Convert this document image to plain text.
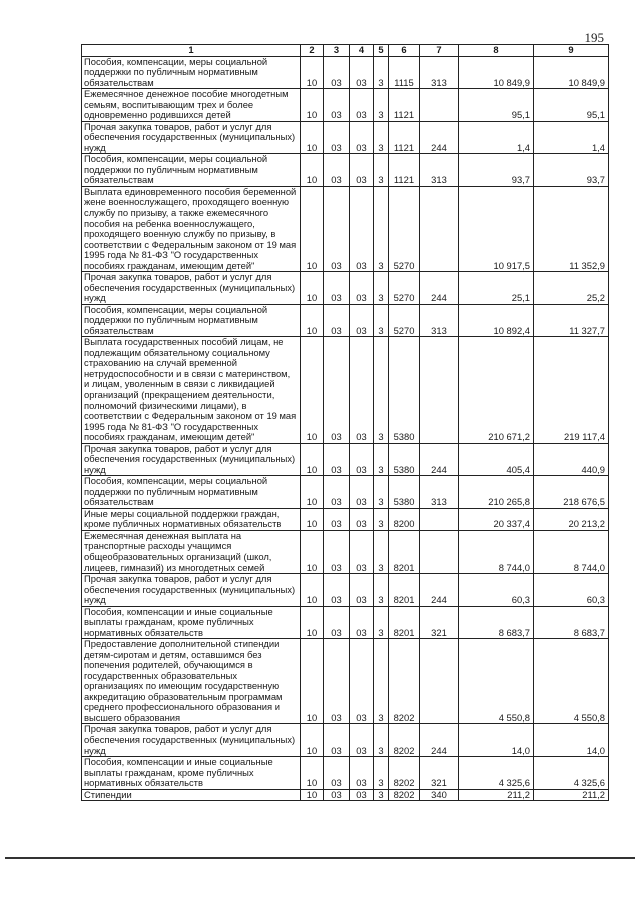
195
1	2	3	4	5	6	7	8	9
Пособия, компенсации, меры социальной поддержки по публичным нормативным обязательствам	10	03	03	3	1115	313	10 849,9	10 849,9
Ежемесячное денежное пособие многодетным семьям, воспитывающим трех и более одновременно родившихся детей	10	03	03	3	1121		95,1	95,1
Прочая закупка товаров, работ и услуг для обеспечения государственных (муниципальных) нужд	10	03	03	3	1121	244	1,4	1,4
Пособия, компенсации, меры социальной поддержки по публичным нормативным обязательствам	10	03	03	3	1121	313	93,7	93,7
Выплата единовременного пособия беременной жене военнослужащего, проходящего военную службу по призыву, а также ежемесячного пособия на ребенка военнослужащего, проходящего военную службу по призыву, в соответствии с Федеральным законом от 19 мая 1995 года № 81-ФЗ "О государственных пособиях гражданам, имеющим детей"	10	03	03	3	5270		10 917,5	11 352,9
Прочая закупка товаров, работ и услуг для обеспечения государственных (муниципальных) нужд	10	03	03	3	5270	244	25,1	25,2
Пособия, компенсации, меры социальной поддержки по публичным нормативным обязательствам	10	03	03	3	5270	313	10 892,4	11 327,7
Выплата государственных пособий лицам, не подлежащим обязательному социальному страхованию на случай временной нетрудоспособности и в связи с материнством, и лицам, уволенным в связи с ликвидацией организаций (прекращением деятельности, полномочий физическими лицами), в соответствии с Федеральным законом от 19 мая 1995 года № 81-ФЗ "О государственных пособиях гражданам, имеющим детей"	10	03	03	3	5380		210 671,2	219 117,4
Прочая закупка товаров, работ и услуг для обеспечения государственных (муниципальных) нужд	10	03	03	3	5380	244	405,4	440,9
Пособия, компенсации, меры социальной поддержки по публичным нормативным обязательствам	10	03	03	3	5380	313	210 265,8	218 676,5
Иные меры социальной поддержки граждан, кроме публичных нормативных обязательств	10	03	03	3	8200		20 337,4	20 213,2
Ежемесячная денежная выплата на транспортные расходы учащимся общеобразовательных организаций (школ, лицеев, гимназий) из многодетных семей	10	03	03	3	8201		8 744,0	8 744,0
Прочая закупка товаров, работ и услуг для обеспечения государственных (муниципальных) нужд	10	03	03	3	8201	244	60,3	60,3
Пособия, компенсации и иные социальные выплаты гражданам, кроме публичных нормативных обязательств	10	03	03	3	8201	321	8 683,7	8 683,7
Предоставление дополнительной стипендии детям-сиротам и детям, оставшимся без попечения родителей, обучающимся в государственных образовательных организациях по имеющим государственную аккредитацию образовательным программам среднего профессионального образования и высшего образования	10	03	03	3	8202		4 550,8	4 550,8
Прочая закупка товаров, работ и услуг для обеспечения государственных (муниципальных) нужд	10	03	03	3	8202	244	14,0	14,0
Пособия, компенсации и иные социальные выплаты гражданам, кроме публичных нормативных обязательств	10	03	03	3	8202	321	4 325,6	4 325,6
Стипендии	10	03	03	3	8202	340	211,2	211,2
